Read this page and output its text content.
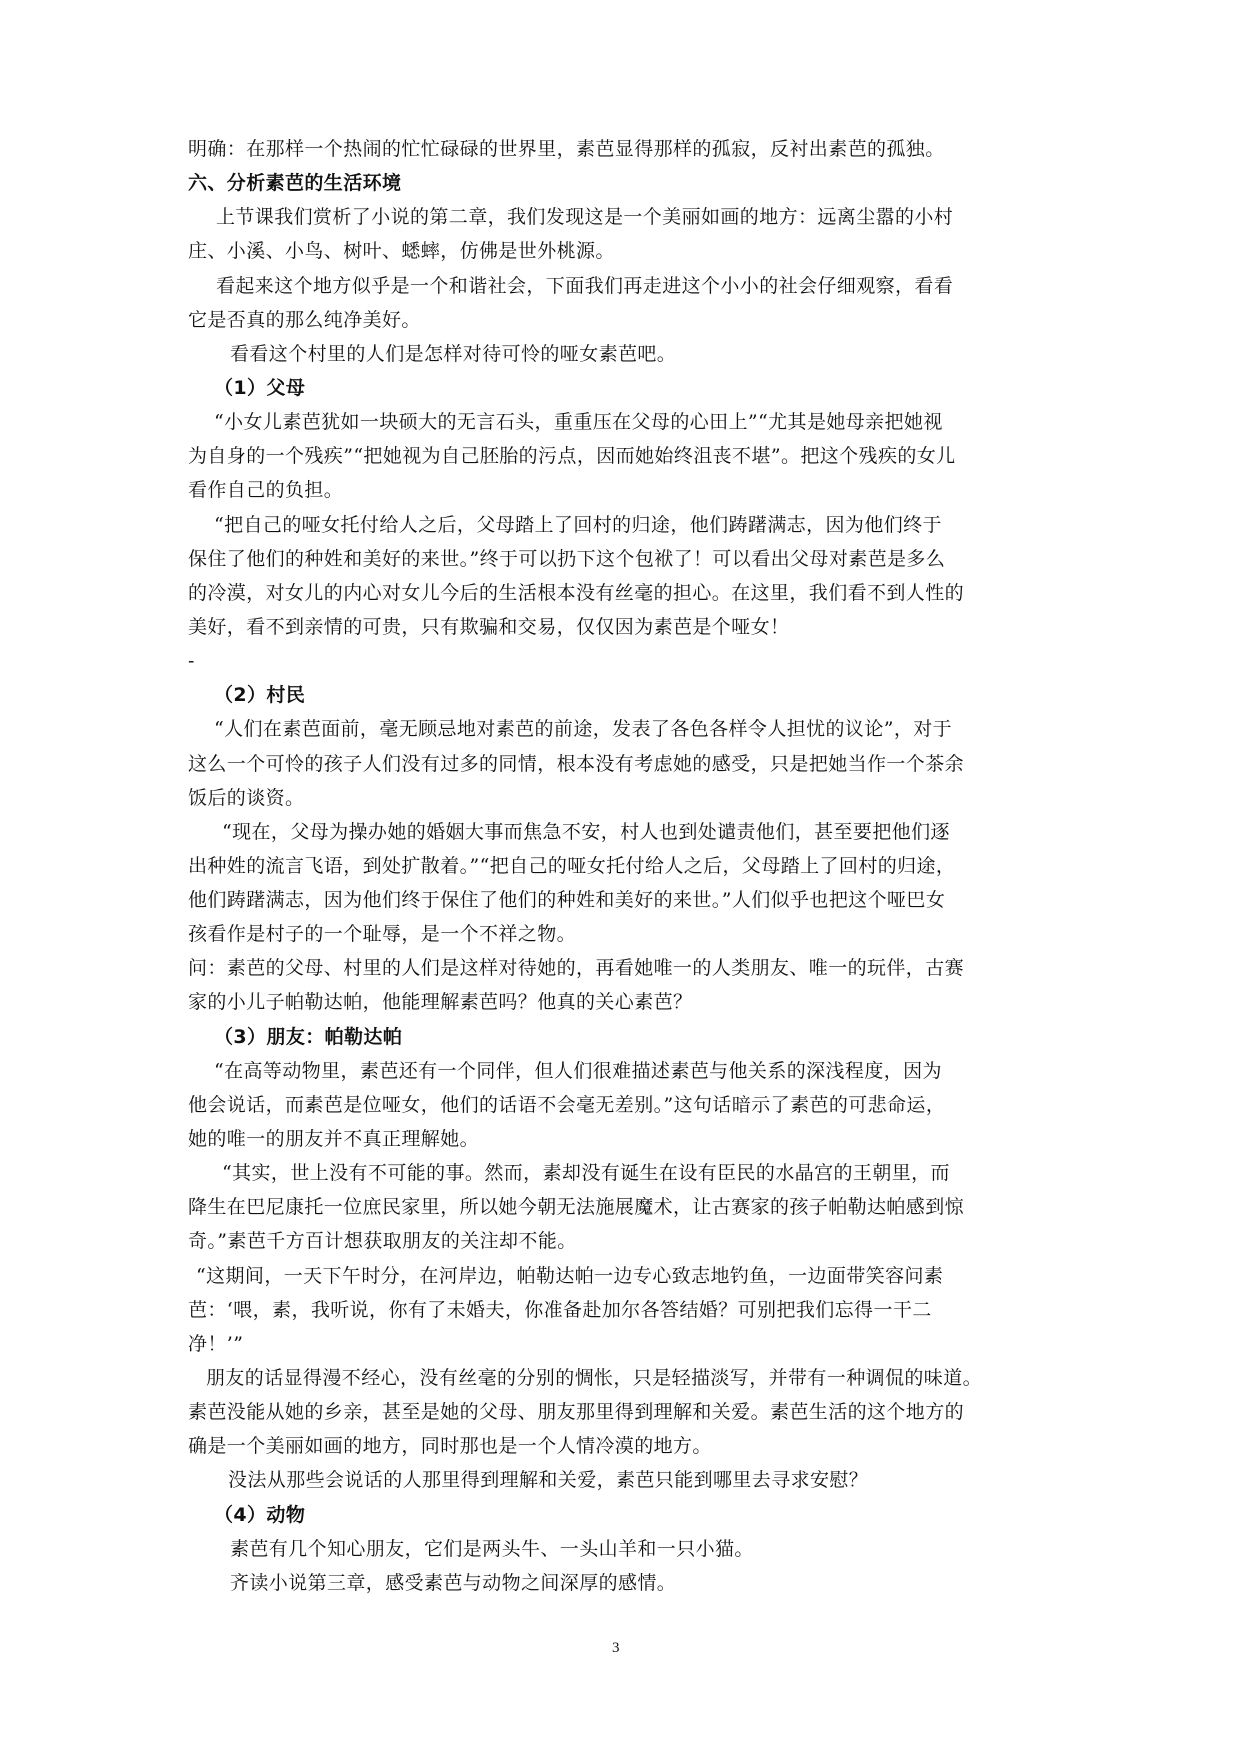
明确：在那样一个热闹的忙忙碌碌的世界里，素芭显得那样的孤寂，反衬出素芭的孤独。
六、分析素芭的生活环境
上节课我们赏析了小说的第二章，我们发现这是一个美丽如画的地方：远离尘嚣的小村
庄、小溪、小鸟、树叶、蟋蟀，仿佛是世外桃源。
看起来这个地方似乎是一个和谐社会，下面我们再走进这个小小的社会仔细观察，看看
它是否真的那么纯净美好。
看看这个村里的人们是怎样对待可怜的哑女素芭吧。
（1）父母
“小女儿素芭犹如一块硕大的无言石头，重重压在父母的心田上”“尤其是她母亲把她视
为自身的一个残疾”“把她视为自己胚胎的污点，因而她始终沮丧不堪”。把这个残疾的女儿
看作自己的负担。
“把自己的哑女托付给人之后，父母踏上了回村的归途，他们踌躇满志，因为他们终于
保住了他们的种姓和美好的来世。”终于可以扔下这个包袱了！可以看出父母对素芭是多么
的冷漠，对女儿的内心对女儿今后的生活根本没有丝毫的担心。在这里，我们看不到人性的
美好，看不到亲情的可贵，只有欺骗和交易，仅仅因为素芭是个哑女！
-
（2）村民
“人们在素芭面前，毫无顾忌地对素芭的前途，发表了各色各样令人担忧的议论”，对于
这么一个可怜的孩子人们没有过多的同情，根本没有考虑她的感受，只是把她当作一个茶余
饭后的谈资。
“现在，父母为操办她的婚姻大事而焦急不安，村人也到处谴责他们，甚至要把他们逐
出种姓的流言飞语，到处扩散着。”“把自己的哑女托付给人之后，父母踏上了回村的归途，
他们踌躇满志，因为他们终于保住了他们的种姓和美好的来世。”人们似乎也把这个哑巴女
孩看作是村子的一个耻辱，是一个不祥之物。
问：素芭的父母、村里的人们是这样对待她的，再看她唯一的人类朋友、唯一的玩伴，古赛
家的小儿子帕勒达帕，他能理解素芭吗？他真的关心素芭？
（3）朋友：帕勒达帕
“在高等动物里，素芭还有一个同伴，但人们很难描述素芭与他关系的深浅程度，因为
他会说话，而素芭是位哑女，他们的话语不会毫无差别。”这句话暗示了素芭的可悲命运，
她的唯一的朋友并不真正理解她。
“其实，世上没有不可能的事。然而，素却没有诞生在设有臣民的水晶宫的王朝里，而
降生在巴尼康托一位庶民家里，所以她今朝无法施展魔术，让古赛家的孩子帕勒达帕感到惊
奇。”素芭千方百计想获取朋友的关注却不能。
“这期间，一天下午时分，在河岸边，帕勒达帕一边专心致志地钓鱼，一边面带笑容问素
芭：‘喂，素，我听说，你有了未婚夫，你准备赴加尔各答结婚？可别把我们忘得一干二
净！’”
朋友的话显得漫不经心，没有丝毫的分别的惆怅，只是轻描淡写，并带有一种调侃的味道。
素芭没能从她的乡亲，甚至是她的父母、朋友那里得到理解和关爱。素芭生活的这个地方的
确是一个美丽如画的地方，同时那也是一个人情冷漠的地方。
没法从那些会说话的人那里得到理解和关爱，素芭只能到哪里去寻求安慰？
（4）动物
素芭有几个知心朋友，它们是两头牛、一头山羊和一只小猫。
齐读小说第三章，感受素芭与动物之间深厚的感情。
3
